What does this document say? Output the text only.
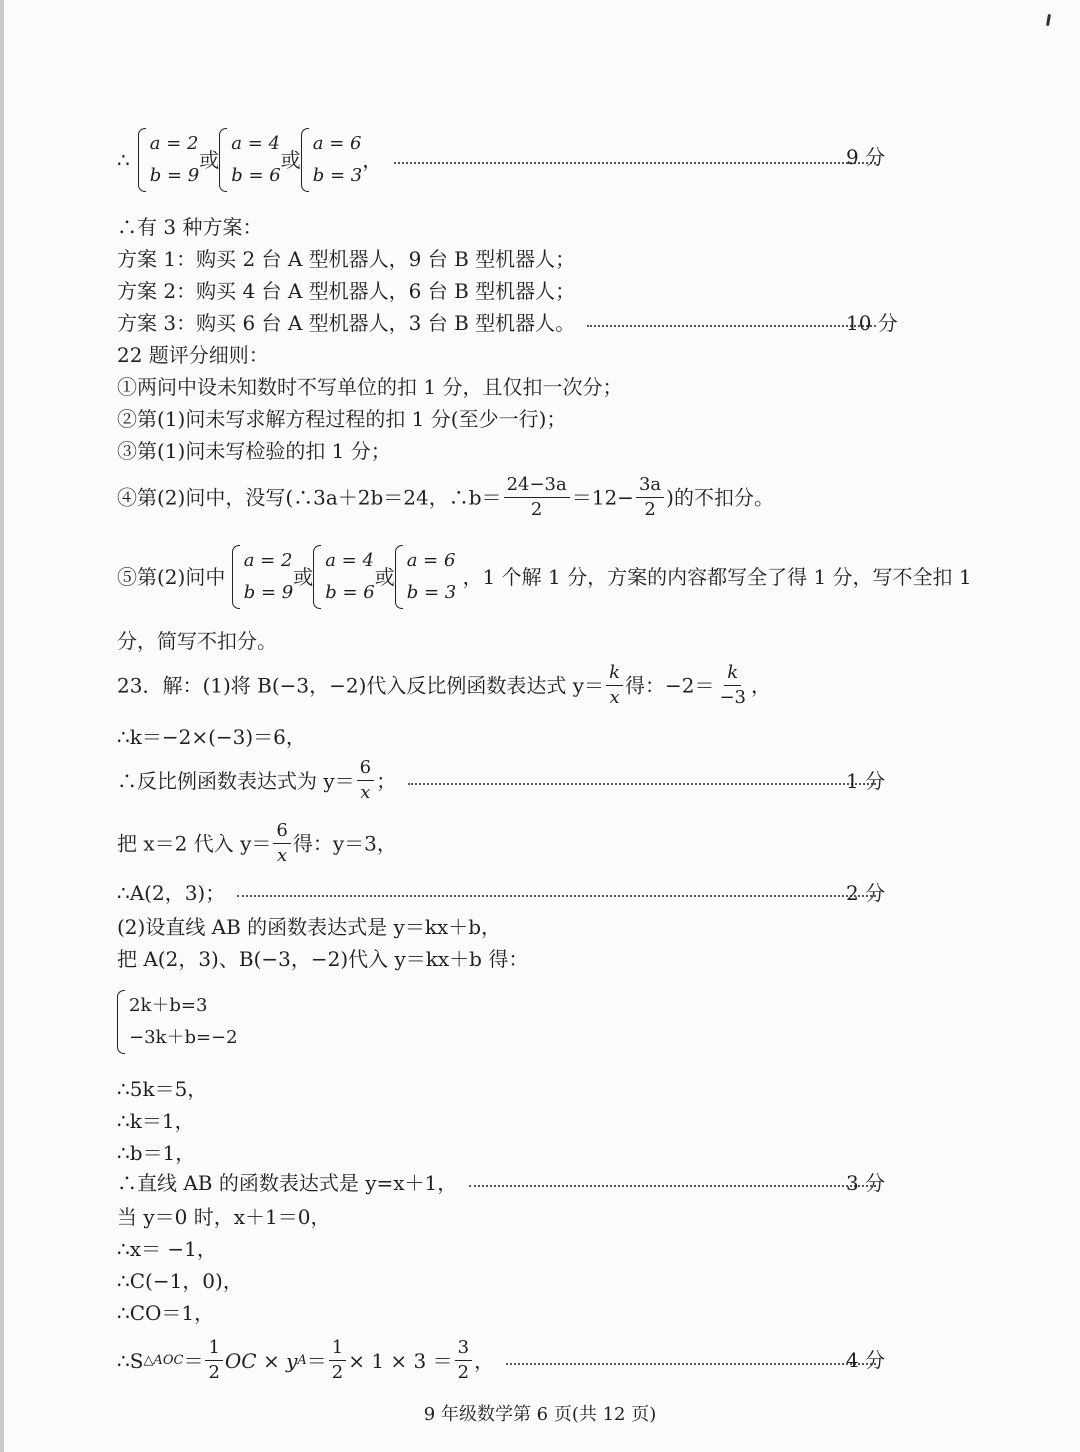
∴
a = 2
b = 9
或
a = 4
b = 6
或
a = 6
b = 3
，	9 分
∴有 3 种方案：
方案 1：购买 2 台 A 型机器人，9 台 B 型机器人；
方案 2：购买 4 台 A 型机器人，6 台 B 型机器人；
方案 3：购买 6 台 A 型机器人，3 台 B 型机器人。	10 分
22 题评分细则：
①两问中设未知数时不写单位的扣 1 分，且仅扣一次分；
②第(1)问未写求解方程过程的扣 1 分(至少一行)；
③第(1)问未写检验的扣 1 分；
④第(2)问中，没写(∴3a＋2b＝24，∴b＝ $\frac{24-3a}{2} =12- \frac{3a}{2}$ )的不扣分。
⑤第(2)问中
a = 2
b = 9
或
a = 4
b = 6
或
a = 6
b = 3
，1 个解 1 分，方案的内容都写全了得 1 分，写不全扣 1
分，简写不扣分。
23．解：(1)将 B(−3，−2)代入反比例函数表达式 $y= \frac{k}{x}$ 得：$-2= \frac{k}{-3}$ ，
∴k＝−2×(−3)＝6，
∴反比例函数表达式为 $y= \frac{6}{x}$ ；	1 分
把 x＝2 代入 $y= \frac{6}{x}$ 得：y＝3，
∴A(2，3)；	2 分
(2)设直线 AB 的函数表达式是 y＝kx＋b，
把 A(2，3)、B(−3，−2)代入 y＝kx＋b 得：
2k＋b=3
−3k＋b=−2
∴5k＝5，
∴k＝1，
∴b＝1，
∴直线 AB 的函数表达式是 y=x＋1，	3 分
当 y＝0 时，x＋1＝0，
∴x＝ −1，
∴C(−1，0)，
∴CO＝1，
∴S △AOC ＝ $\frac{1}{2}$ OC × y $A = \frac{1}{2} \times 1 \times 3 = \frac{3}{2}$ ，	4 分
9 年级数学第 6 页(共 12 页)
